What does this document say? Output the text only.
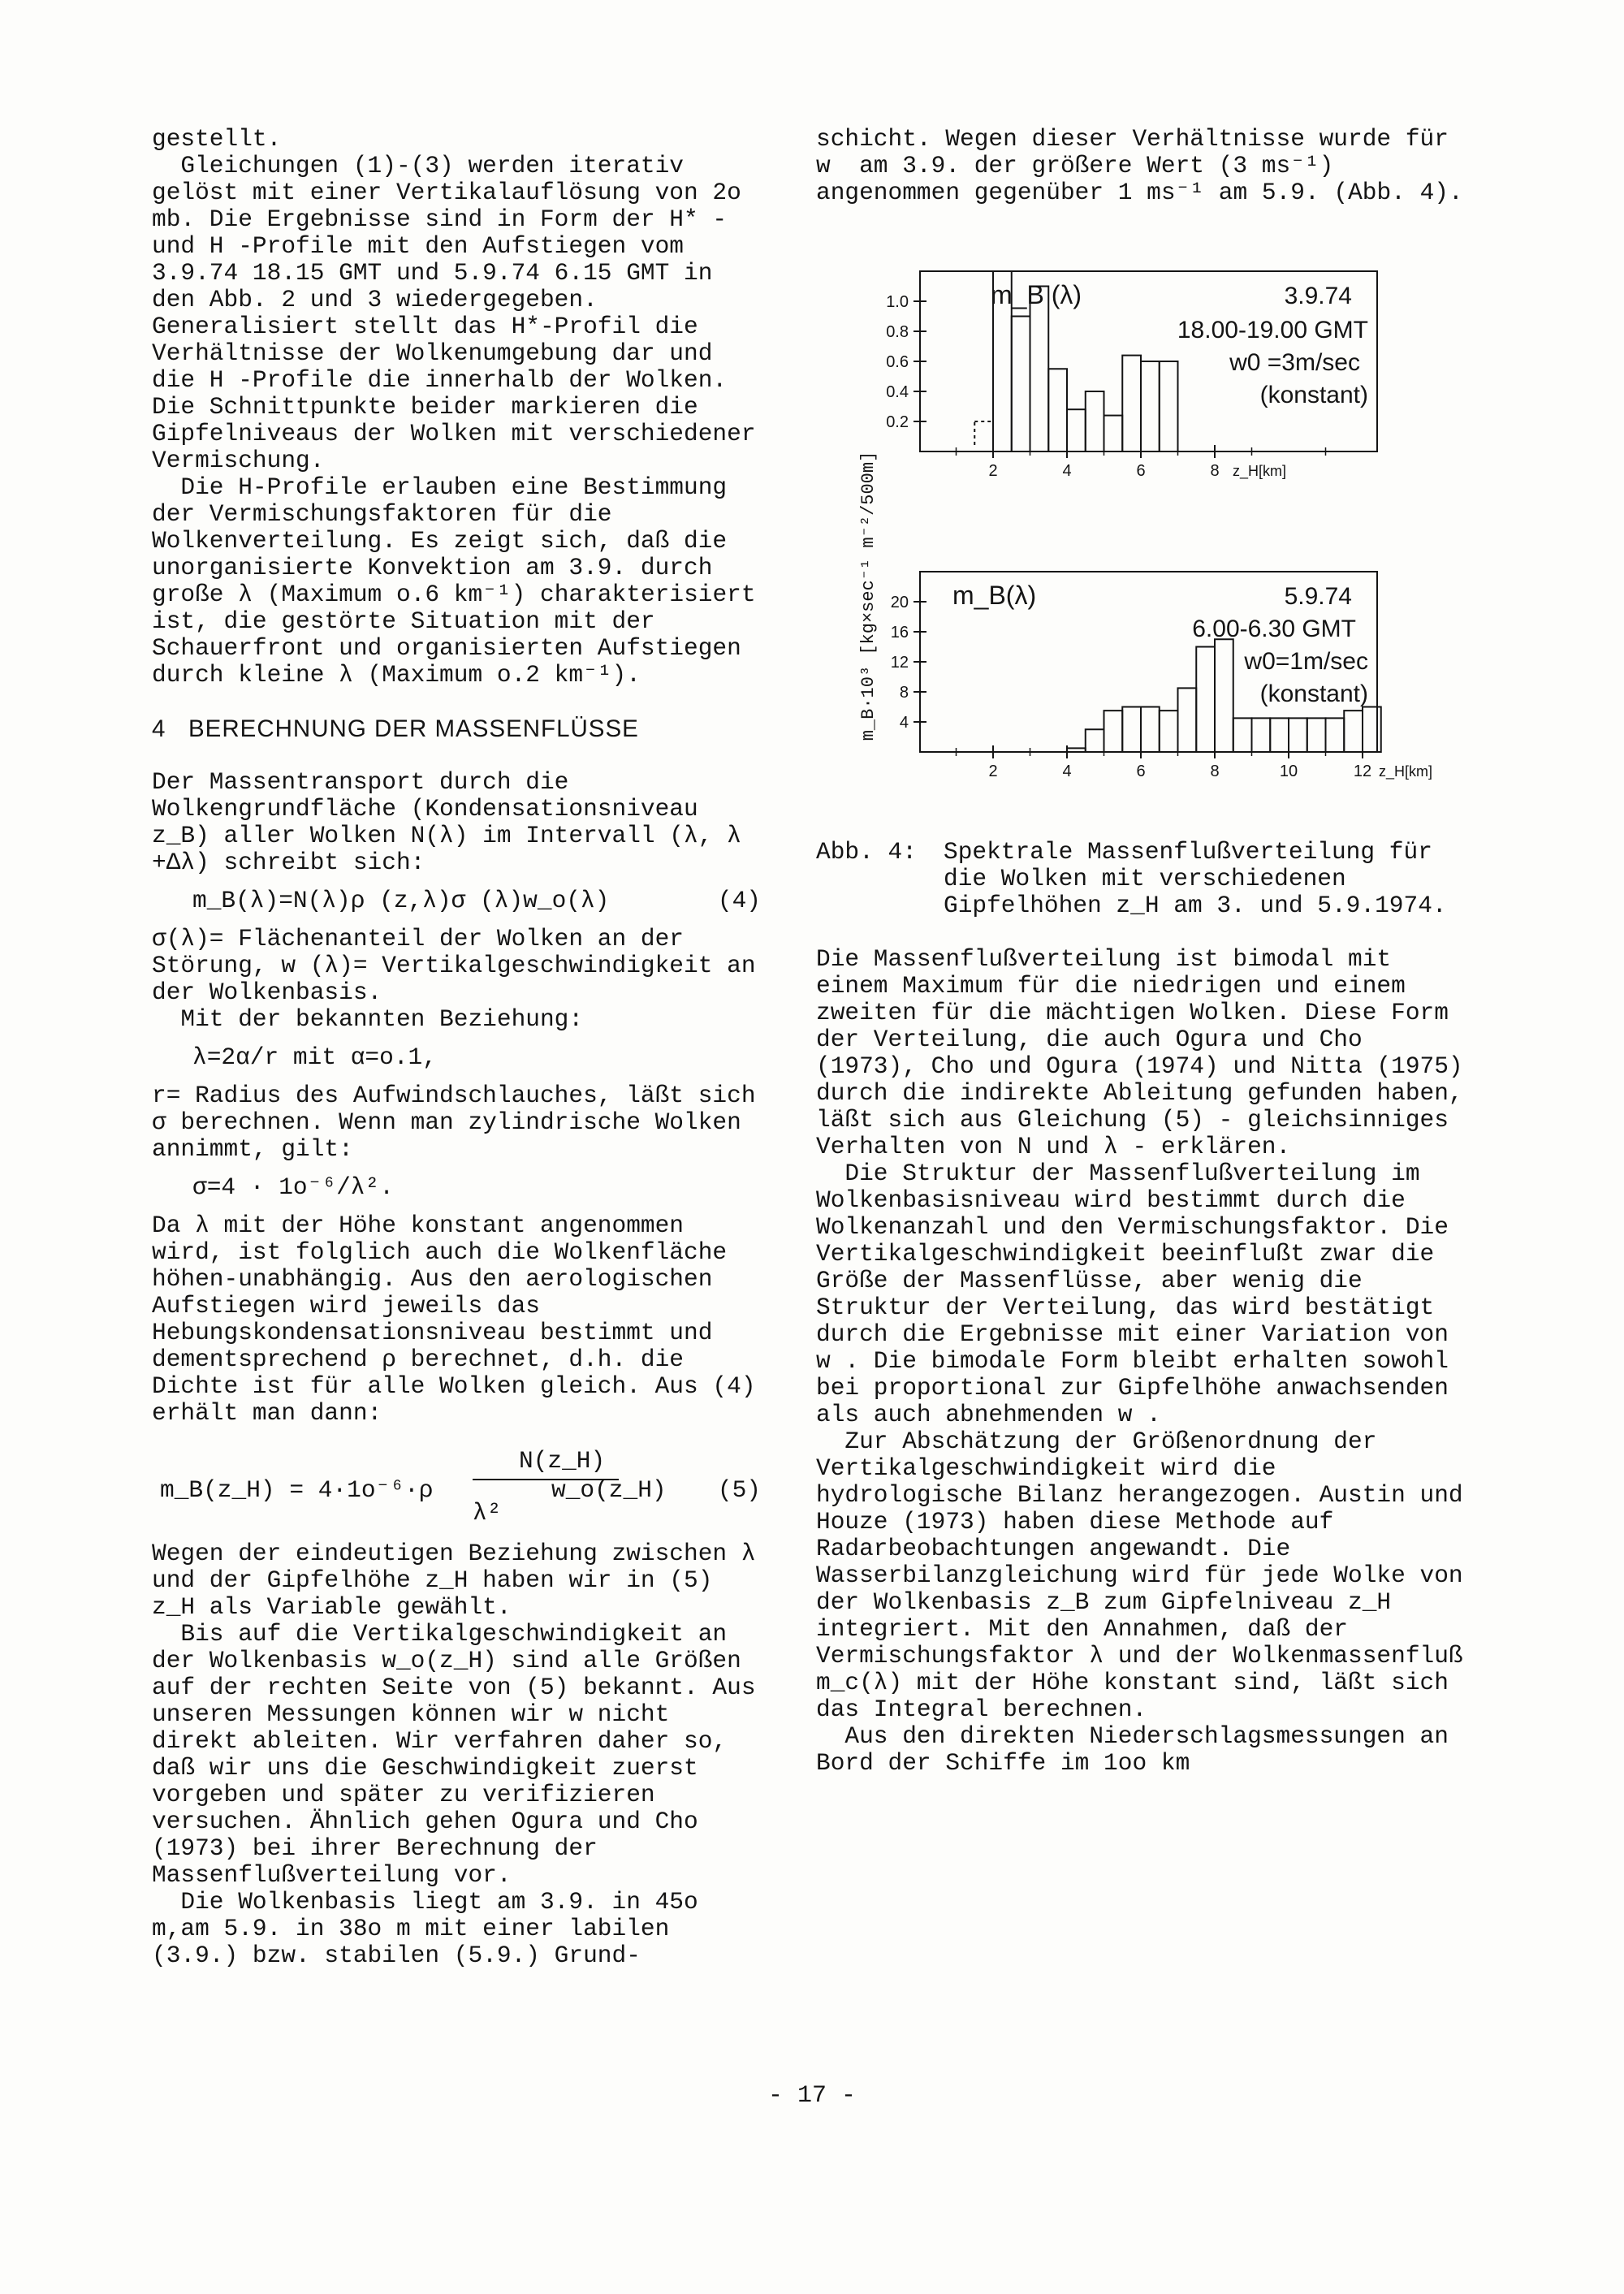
gestellt.

Gleichungen (1)-(3) werden iterativ gelöst mit einer Vertikalauflösung von 2o mb. Die Ergebnisse sind in Form der H* - und H -Profile mit den Aufstiegen vom 3.9.74 18.15 GMT und 5.9.74 6.15 GMT in den Abb. 2 und 3 wiedergegeben. Generalisiert stellt das H*-Profil die Verhältnisse der Wolkenumgebung dar und die H -Profile die innerhalb der Wolken. Die Schnittpunkte beider markieren die Gipfelniveaus der Wolken mit verschiedener Vermischung.

Die H-Profile erlauben eine Bestimmung der Vermischungsfaktoren für die Wolkenverteilung. Es zeigt sich, daß die unorganisierte Konvektion am 3.9. durch große λ (Maximum o.6 km⁻¹) charakterisiert ist, die gestörte Situation mit der Schauerfront und organisierten Aufstiegen durch kleine λ (Maximum o.2 km⁻¹).

4   BERECHNUNG DER MASSENFLÜSSE

Der Massentransport durch die Wolkengrundfläche (Kondensationsniveau z_B) aller Wolken N(λ) im Intervall (λ, λ +Δλ) schreibt sich:

m_B(λ)=N(λ)ρ (z,λ)σ (λ)w_o(λ)	(4)

σ(λ)= Flächenanteil der Wolken an der Störung, w (λ)= Vertikalgeschwindigkeit an der Wolkenbasis.

Mit der bekannten Beziehung:

λ=2α/r mit α=o.1,

r= Radius des Aufwindschlauches, läßt sich σ berechnen. Wenn man zylindrische Wolken annimmt, gilt:

σ=4 · 1o⁻⁶/λ².

Da λ mit der Höhe konstant angenommen wird, ist folglich auch die Wolkenfläche höhen-unabhängig. Aus den aerologischen Aufstiegen wird jeweils das Hebungskondensationsniveau bestimmt und dementsprechend ρ berechnet, d.h. die Dichte ist für alle Wolken gleich. Aus (4) erhält man dann:

m_B(z_H) = 4·1o⁻⁶·ρ
N(z_H)
λ²
w_o(z_H) (5)

Wegen der eindeutigen Beziehung zwischen λ und der Gipfelhöhe z_H haben wir in (5) z_H als Variable gewählt.

Bis auf die Vertikalgeschwindigkeit an der Wolkenbasis w_o(z_H) sind alle Größen auf der rechten Seite von (5) bekannt. Aus unseren Messungen können wir w nicht direkt ableiten. Wir verfahren daher so, daß wir uns die Geschwindigkeit zuerst vorgeben und später zu verifizieren versuchen. Ähnlich gehen Ogura und Cho (1973) bei ihrer Berechnung der Massenflußverteilung vor.

Die Wolkenbasis liegt am 3.9. in 45o m,am 5.9. in 38o m mit einer labilen (3.9.) bzw. stabilen (5.9.) Grund-

schicht. Wegen dieser Verhältnisse wurde für w  am 3.9. der größere Wert (3 ms⁻¹) angenommen gegenüber 1 ms⁻¹ am 5.9. (Abb. 4).

m_B·10³ [kg×sec⁻¹ m⁻²/500m]
m_B (λ)	3.9.74
18.00-19.00 GMT
w0 =3m/sec
(konstant)
m_B(λ)	5.9.74
6.00-6.30 GMT
w0=1m/sec
(konstant)
1.0
0.8
0.6
0.4
0.2
2	4	6	8 z_H[km]
20
16
12
8
4
2	4	6	8	10	12 z_H[km]
Abb. 4:	Spektrale Massenflußverteilung für die Wolken mit verschiedenen Gipfelhöhen z_H am 3. und 5.9.1974.

Die Massenflußverteilung ist bimodal mit einem Maximum für die niedrigen und einem zweiten für die mächtigen Wolken. Diese Form der Verteilung, die auch Ogura und Cho (1973), Cho und Ogura (1974) und Nitta (1975) durch die indirekte Ableitung gefunden haben, läßt sich aus Gleichung (5) - gleichsinniges Verhalten von N und λ - erklären.

Die Struktur der Massenflußverteilung im Wolkenbasisniveau wird bestimmt durch die Wolkenanzahl und den Vermischungsfaktor. Die Vertikalgeschwindigkeit beeinflußt zwar die Größe der Massenflüsse, aber wenig die Struktur der Verteilung, das wird bestätigt durch die Ergebnisse mit einer Variation von w . Die bimodale Form bleibt erhalten sowohl bei proportional zur Gipfelhöhe anwachsenden als auch abnehmenden w .

Zur Abschätzung der Größenordnung der Vertikalgeschwindigkeit wird die hydrologische Bilanz herangezogen. Austin und Houze (1973) haben diese Methode auf Radarbeobachtungen angewandt. Die Wasserbilanzgleichung wird für jede Wolke von der Wolkenbasis z_B zum Gipfelniveau z_H integriert. Mit den Annahmen, daß der Vermischungsfaktor λ und der Wolkenmassenfluß m_c(λ) mit der Höhe konstant sind, läßt sich das Integral berechnen.

Aus den direkten Niederschlagsmessungen an Bord der Schiffe im 1oo km

- 17 -
